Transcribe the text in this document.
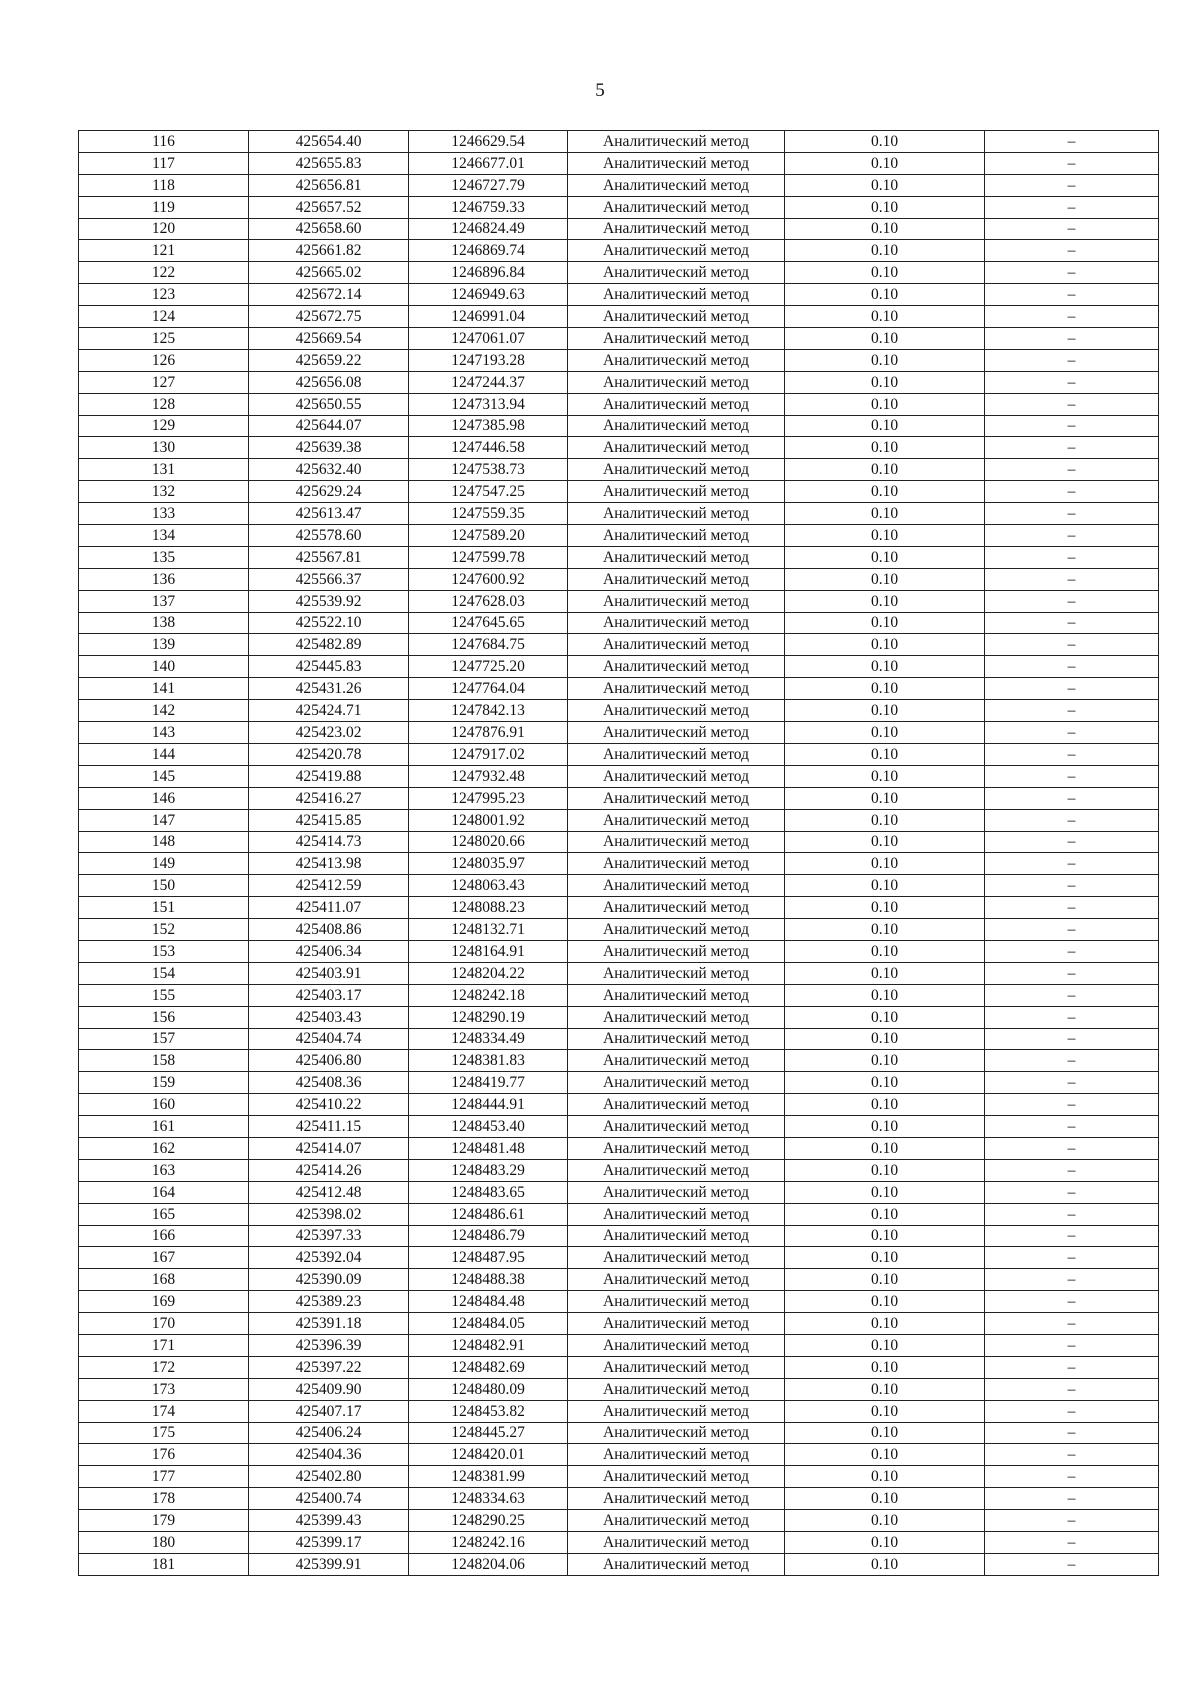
5
116	425654.40	1246629.54	Аналитический метод	0.10	–
117	425655.83	1246677.01	Аналитический метод	0.10	–
118	425656.81	1246727.79	Аналитический метод	0.10	–
119	425657.52	1246759.33	Аналитический метод	0.10	–
120	425658.60	1246824.49	Аналитический метод	0.10	–
121	425661.82	1246869.74	Аналитический метод	0.10	–
122	425665.02	1246896.84	Аналитический метод	0.10	–
123	425672.14	1246949.63	Аналитический метод	0.10	–
124	425672.75	1246991.04	Аналитический метод	0.10	–
125	425669.54	1247061.07	Аналитический метод	0.10	–
126	425659.22	1247193.28	Аналитический метод	0.10	–
127	425656.08	1247244.37	Аналитический метод	0.10	–
128	425650.55	1247313.94	Аналитический метод	0.10	–
129	425644.07	1247385.98	Аналитический метод	0.10	–
130	425639.38	1247446.58	Аналитический метод	0.10	–
131	425632.40	1247538.73	Аналитический метод	0.10	–
132	425629.24	1247547.25	Аналитический метод	0.10	–
133	425613.47	1247559.35	Аналитический метод	0.10	–
134	425578.60	1247589.20	Аналитический метод	0.10	–
135	425567.81	1247599.78	Аналитический метод	0.10	–
136	425566.37	1247600.92	Аналитический метод	0.10	–
137	425539.92	1247628.03	Аналитический метод	0.10	–
138	425522.10	1247645.65	Аналитический метод	0.10	–
139	425482.89	1247684.75	Аналитический метод	0.10	–
140	425445.83	1247725.20	Аналитический метод	0.10	–
141	425431.26	1247764.04	Аналитический метод	0.10	–
142	425424.71	1247842.13	Аналитический метод	0.10	–
143	425423.02	1247876.91	Аналитический метод	0.10	–
144	425420.78	1247917.02	Аналитический метод	0.10	–
145	425419.88	1247932.48	Аналитический метод	0.10	–
146	425416.27	1247995.23	Аналитический метод	0.10	–
147	425415.85	1248001.92	Аналитический метод	0.10	–
148	425414.73	1248020.66	Аналитический метод	0.10	–
149	425413.98	1248035.97	Аналитический метод	0.10	–
150	425412.59	1248063.43	Аналитический метод	0.10	–
151	425411.07	1248088.23	Аналитический метод	0.10	–
152	425408.86	1248132.71	Аналитический метод	0.10	–
153	425406.34	1248164.91	Аналитический метод	0.10	–
154	425403.91	1248204.22	Аналитический метод	0.10	–
155	425403.17	1248242.18	Аналитический метод	0.10	–
156	425403.43	1248290.19	Аналитический метод	0.10	–
157	425404.74	1248334.49	Аналитический метод	0.10	–
158	425406.80	1248381.83	Аналитический метод	0.10	–
159	425408.36	1248419.77	Аналитический метод	0.10	–
160	425410.22	1248444.91	Аналитический метод	0.10	–
161	425411.15	1248453.40	Аналитический метод	0.10	–
162	425414.07	1248481.48	Аналитический метод	0.10	–
163	425414.26	1248483.29	Аналитический метод	0.10	–
164	425412.48	1248483.65	Аналитический метод	0.10	–
165	425398.02	1248486.61	Аналитический метод	0.10	–
166	425397.33	1248486.79	Аналитический метод	0.10	–
167	425392.04	1248487.95	Аналитический метод	0.10	–
168	425390.09	1248488.38	Аналитический метод	0.10	–
169	425389.23	1248484.48	Аналитический метод	0.10	–
170	425391.18	1248484.05	Аналитический метод	0.10	–
171	425396.39	1248482.91	Аналитический метод	0.10	–
172	425397.22	1248482.69	Аналитический метод	0.10	–
173	425409.90	1248480.09	Аналитический метод	0.10	–
174	425407.17	1248453.82	Аналитический метод	0.10	–
175	425406.24	1248445.27	Аналитический метод	0.10	–
176	425404.36	1248420.01	Аналитический метод	0.10	–
177	425402.80	1248381.99	Аналитический метод	0.10	–
178	425400.74	1248334.63	Аналитический метод	0.10	–
179	425399.43	1248290.25	Аналитический метод	0.10	–
180	425399.17	1248242.16	Аналитический метод	0.10	–
181	425399.91	1248204.06	Аналитический метод	0.10	–
